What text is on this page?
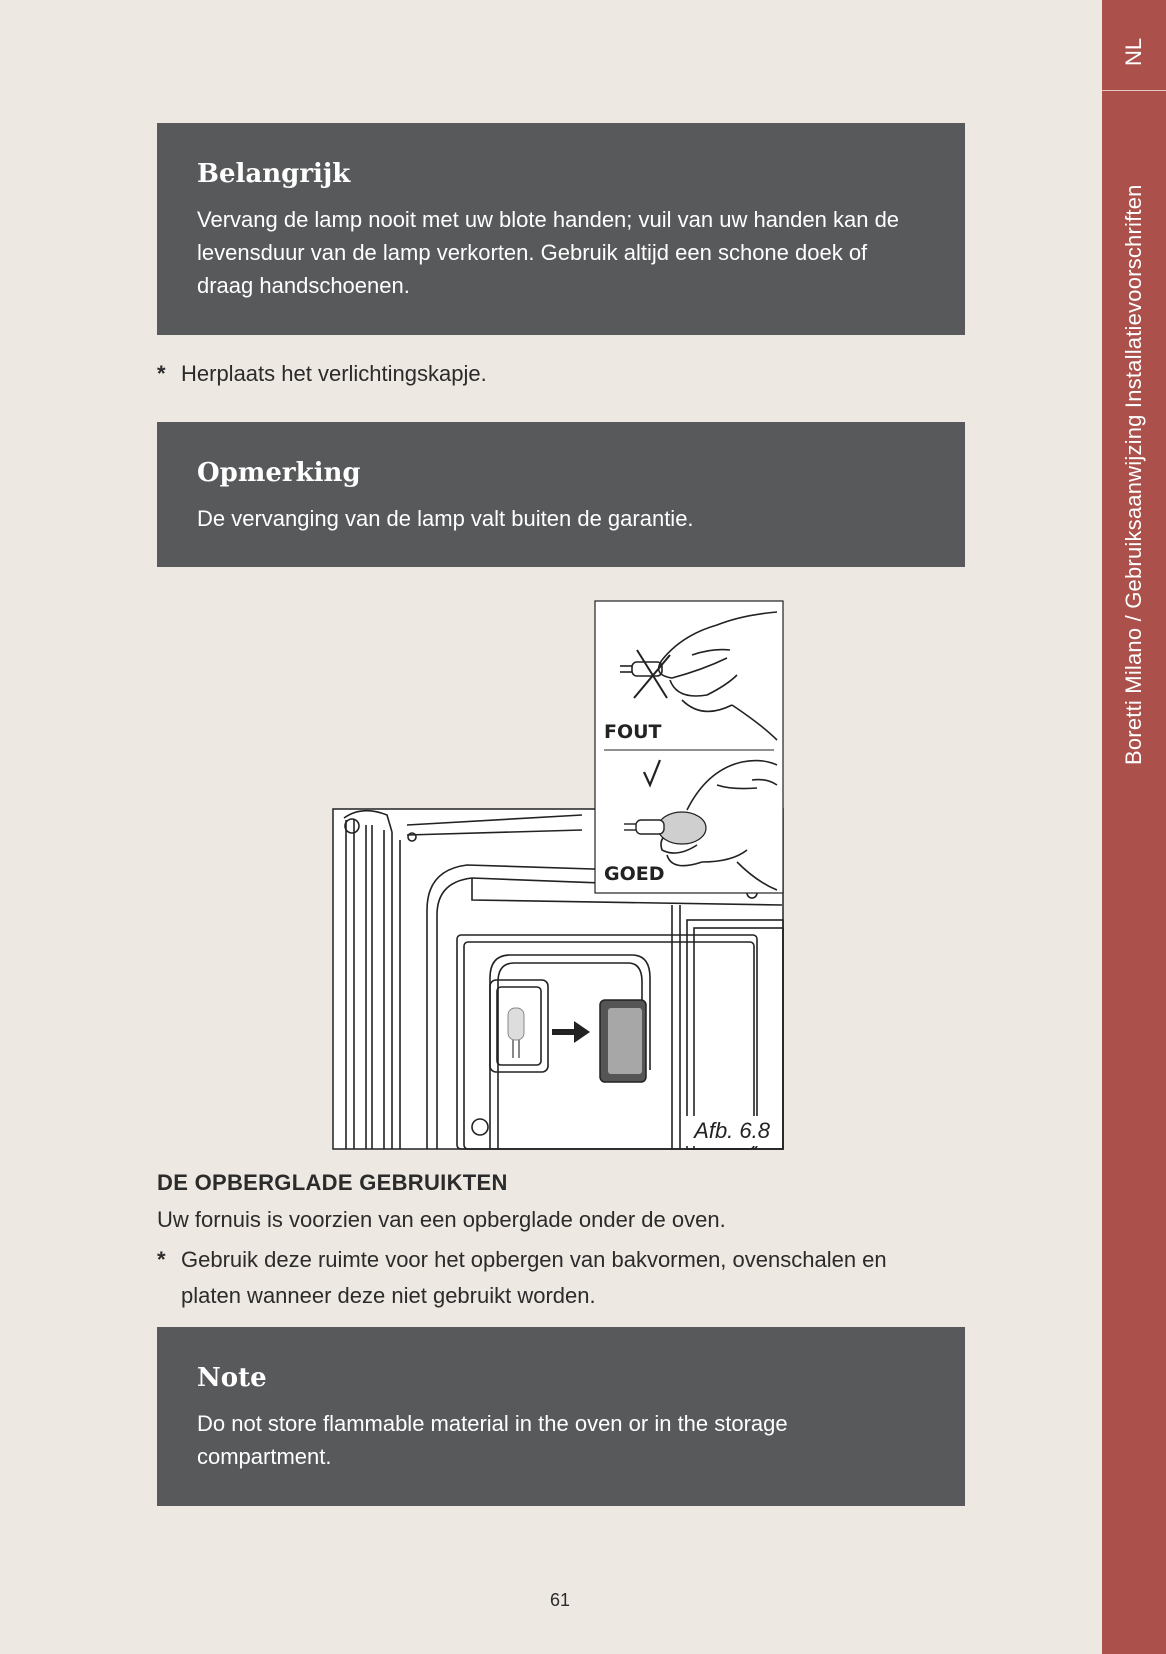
NL
Boretti Milano / Gebruiksaanwijzing Installatievoorschriften
Belangrijk

Vervang de lamp nooit met uw blote handen; vuil van uw handen kan de levensduur van de lamp verkorten. Gebruik altijd een schone doek of draag handschoenen.

* Herplaats het verlichtingskapje.
Opmerking

De vervanging van de lamp valt buiten de garantie.

FOUT
GOED
Afb. 6.8
DE OPBERGLADE GEBRUIKTEN
Uw fornuis is voorzien van een opberglade onder de oven.
* Gebruik deze ruimte voor het opbergen van bakvormen, ovenschalen en platen wanneer deze niet gebruikt worden.
Note

Do not store flammable material in the oven or in the storage compartment.

61
